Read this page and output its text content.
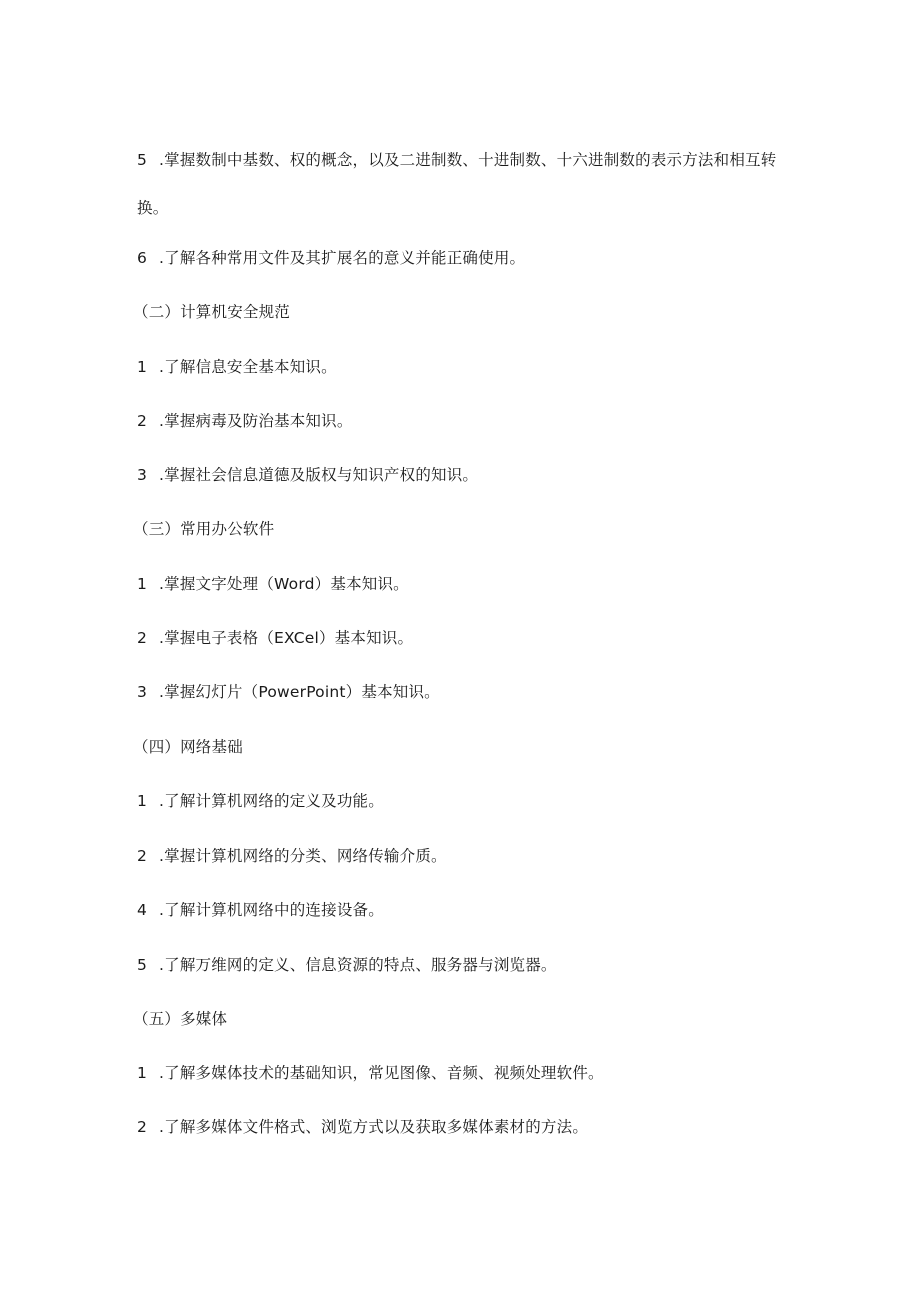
5 .掌握数制中基数、权的概念，以及二进制数、十进制数、十六进制数的表示方法和相互转
换。
6 .了解各种常用文件及其扩展名的意义并能正确使用。
（二）计算机安全规范
1 .了解信息安全基本知识。
2 .掌握病毒及防治基本知识。
3 .掌握社会信息道德及版权与知识产权的知识。
（三）常用办公软件
1 .掌握文字处理（Word）基本知识。
2 .掌握电子表格（EXCel）基本知识。
3 .掌握幻灯片（PowerPoint）基本知识。
（四）网络基础
1 .了解计算机网络的定义及功能。
2 .掌握计算机网络的分类、网络传输介质。
4 .了解计算机网络中的连接设备。
5 .了解万维网的定义、信息资源的特点、服务器与浏览器。
（五）多媒体
1 .了解多媒体技术的基础知识，常见图像、音频、视频处理软件。
2 .了解多媒体文件格式、浏览方式以及获取多媒体素材的方法。
